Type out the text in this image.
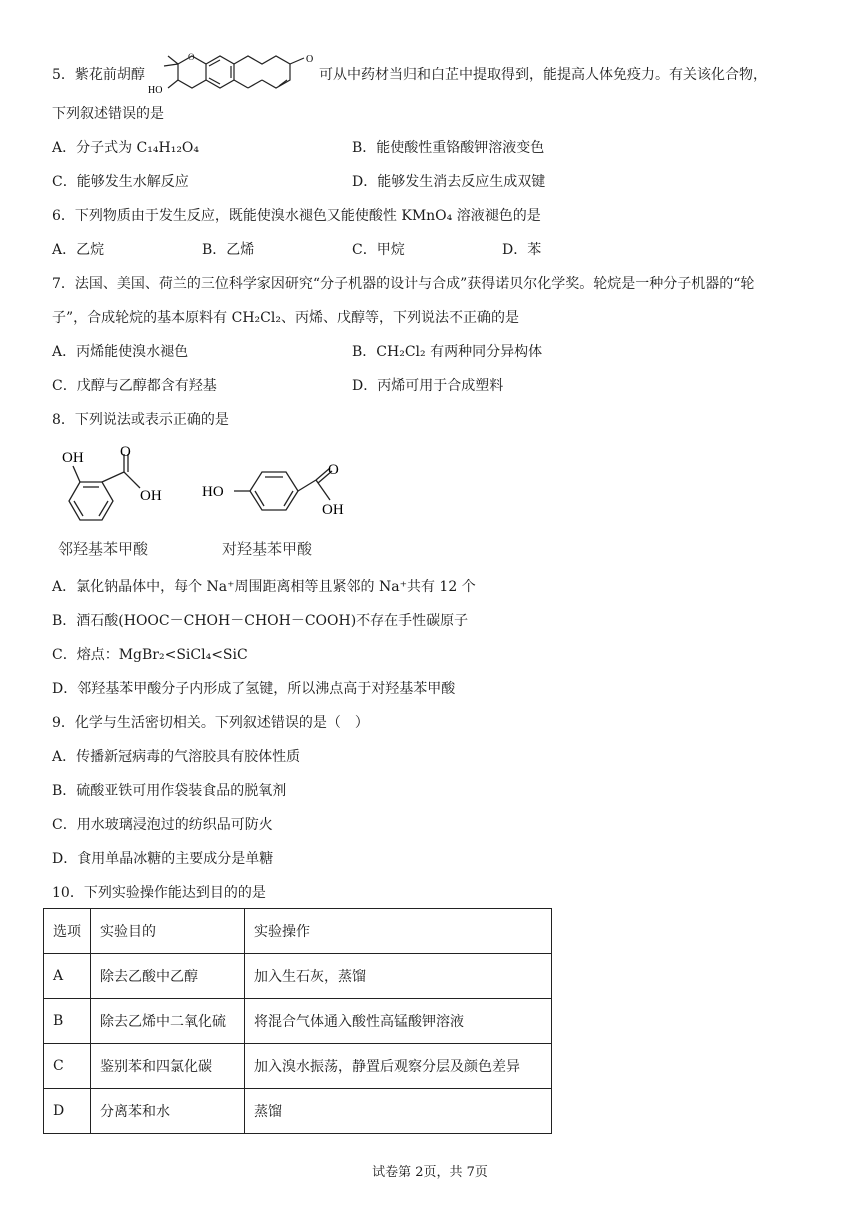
5．紫花前胡醇
HO
O	O
可从中药材当归和白芷中提取得到，能提高人体免疫力。有关该化合物，
下列叙述错误的是
A．分子式为 C₁₄H₁₂O₄	B．能使酸性重铬酸钾溶液变色
C．能够发生水解反应	D．能够发生消去反应生成双键
6．下列物质由于发生反应，既能使溴水褪色又能使酸性 KMnO₄ 溶液褪色的是
A．乙烷	B．乙烯	C．甲烷	D．苯
7．法国、美国、荷兰的三位科学家因研究“分子机器的设计与合成”获得诺贝尔化学奖。轮烷是一种分子机器的“轮
子”，合成轮烷的基本原料有 CH₂Cl₂、丙烯、戊醇等，下列说法不正确的是
A．丙烯能使溴水褪色	B．CH₂Cl₂ 有两种同分异构体
C．戊醇与乙醇都含有羟基	D．丙烯可用于合成塑料
8．下列说法或表示正确的是
OH O
OH
邻羟基苯甲酸
HO
O
OH
对羟基苯甲酸
A．氯化钠晶体中，每个 Na⁺周围距离相等且紧邻的 Na⁺共有 12 个
B．酒石酸(HOOC－CHOH－CHOH－COOH)不存在手性碳原子
C．熔点：MgBr₂<SiCl₄<SiC
D．邻羟基苯甲酸分子内形成了氢键，所以沸点高于对羟基苯甲酸
9．化学与生活密切相关。下列叙述错误的是（　）
A．传播新冠病毒的气溶胶具有胶体性质
B．硫酸亚铁可用作袋装食品的脱氧剂
C．用水玻璃浸泡过的纺织品可防火
D．食用单晶冰糖的主要成分是单糖
10．下列实验操作能达到目的的是
选项	实验目的	实验操作
A	除去乙酸中乙醇	加入生石灰，蒸馏
B	除去乙烯中二氧化硫	将混合气体通入酸性高锰酸钾溶液
C	鉴别苯和四氯化碳	加入溴水振荡，静置后观察分层及颜色差异
D	分离苯和水	蒸馏
试卷第 2页，共 7页
